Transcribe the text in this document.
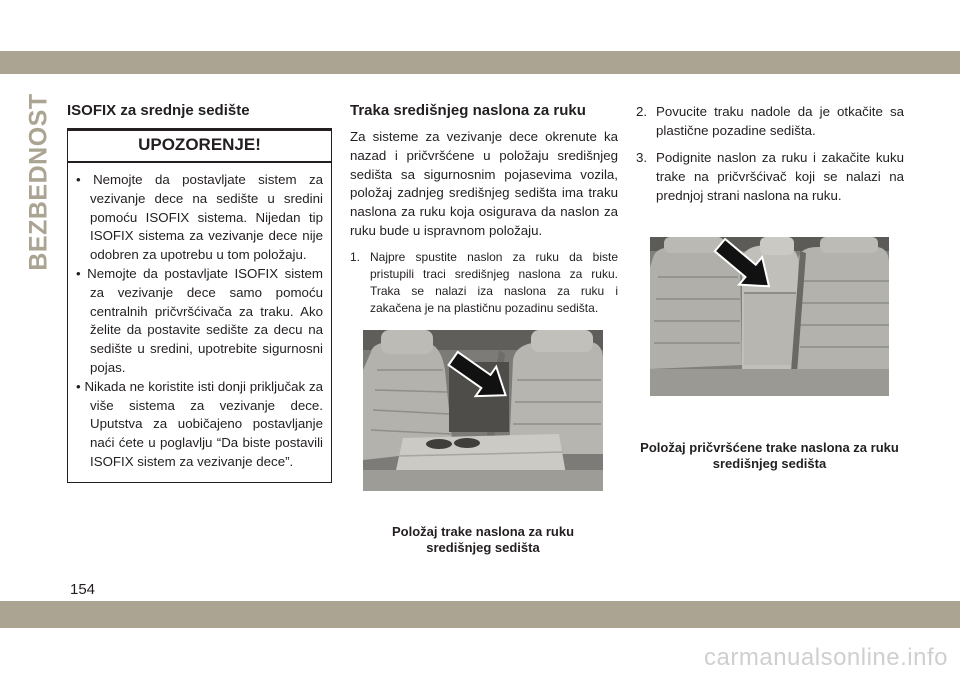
BEZBEDNOST ISOFIX za srednje sedište
UPOZORENJE!
• Nemojte da postavljate sistem za vezivanje dece na sedište u sredini pomoću ISOFIX sistema. Nijedan tip ISOFIX sistema za vezivanje dece nije odobren za upotrebu u tom položaju.
• Nemojte da postavljate ISOFIX sistem za vezivanje dece samo pomoću centralnih pričvršćivača za traku. Ako želite da postavite sedište za decu na sedište u sredini, upotrebite sigurnosni pojas.
• Nikada ne koristite isti donji priključak za više sistema za vezivanje dece. Uputstva za uobičajeno postavljanje naći ćete u poglavlju “Da biste postavili ISOFIX sistem za vezivanje dece”.
Traka središnjeg naslona za ruku

Za sisteme za vezivanje dece okrenute ka nazad i pričvršćene u položaju središnjeg sedišta sa sigurnosnim pojasevima vozila, položaj zadnjeg središnjeg sedišta ima traku naslona za ruku koja osigurava da naslon za ruku bude u ispravnom položaju.

1. Najpre spustite naslon za ruku da biste pristupili traci središnjeg naslona za ruku. Traka se nalazi iza naslona za ruku i zakačena je na plastičnu pozadinu sedišta.
2. Povucite traku nadole da je otkačite sa plastične pozadine sedišta.
3. Podignite naslon za ruku i zakačite kuku trake na pričvršćivač koji se nalazi na prednjoj strani naslona na ruku.
Položaj trake naslona za ruku središnjeg sedišta
Položaj pričvršćene trake naslona za ruku središnjeg sedišta
154
carmanualsonline.info
